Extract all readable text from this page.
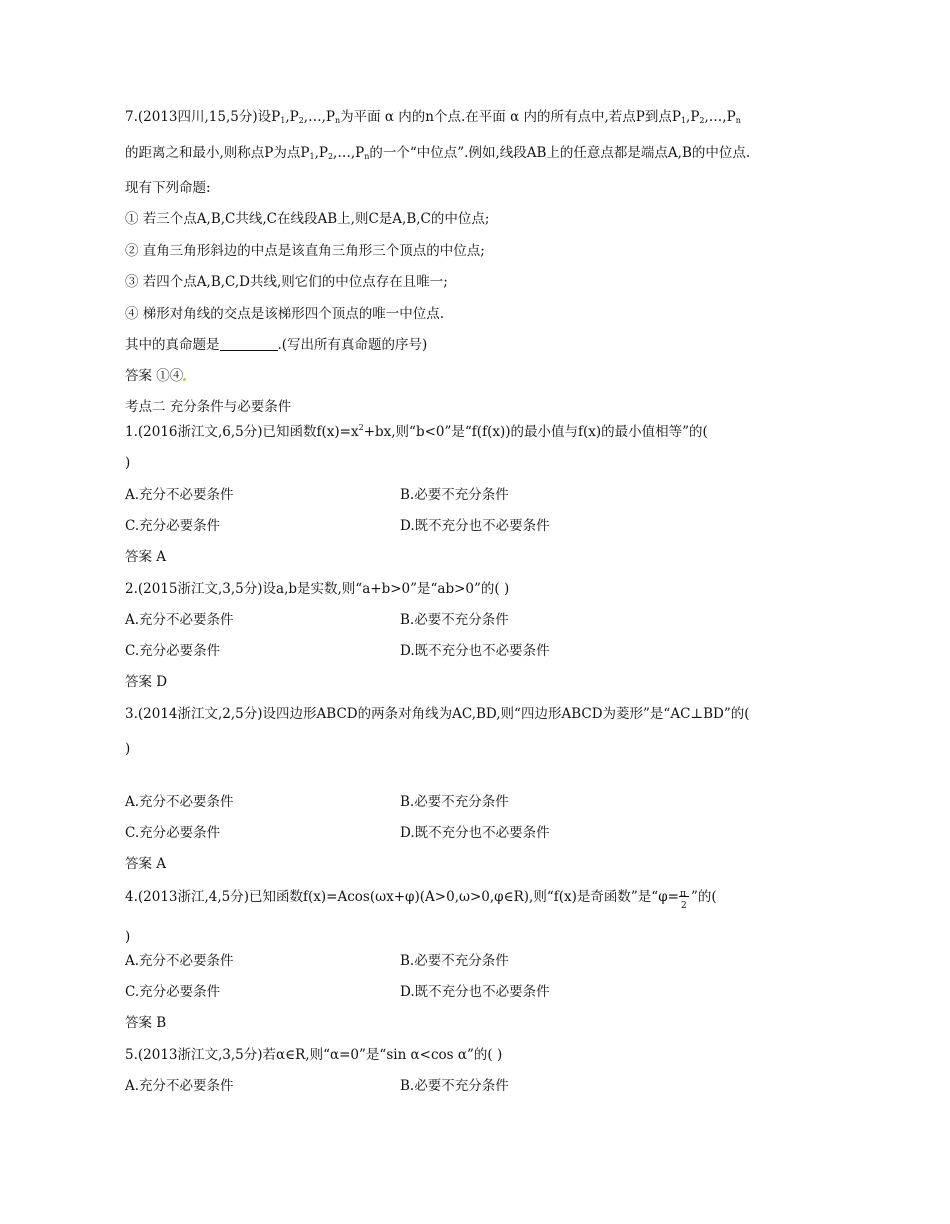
7.(2013四川,15,5分)设$P_1,P_2,\dots,P_n$为平面 α 内的n个点.在平面 α 内的所有点中,若点P到点$P_1,P_2,\dots,P_n$
的距离之和最小,则称点P为点$P_1,P_2,\dots,P_n$的一个“中位点”.例如,线段AB上的任意点都是端点A,B的中位点.
现有下列命题:
① 若三个点A,B,C共线,C在线段AB上,则C是A,B,C的中位点;
② 直角三角形斜边的中点是该直角三角形三个顶点的中位点;
③ 若四个点A,B,C,D共线,则它们的中位点存在且唯一;
④ 梯形对角线的交点是该梯形四个顶点的唯一中位点.
其中的真命题是	.(写出所有真命题的序号)
答案 ①④
考点二 充分条件与必要条件
1.(2016浙江文,6,5分)已知函数$f(x)=x^2+bx$,则“b<0”是“f(f(x))的最小值与f(x)的最小值相等”的(
)
A.充分不必要条件	B.必要不充分条件
C.充分必要条件	D.既不充分也不必要条件
答案 A
2.(2015浙江文,3,5分)设a,b是实数,则“a+b>0”是“ab>0”的( )
A.充分不必要条件	B.必要不充分条件
C.充分必要条件	D.既不充分也不必要条件
答案 D
3.(2014浙江文,2,5分)设四边形ABCD的两条对角线为AC,BD,则“四边形ABCD为菱形”是“AC⊥BD”的(
)
A.充分不必要条件	B.必要不充分条件
C.充分必要条件	D.既不充分也不必要条件
答案 A
4.(2013浙江,4,5分)已知函数f(x)=Acos(ωx+φ)(A>0,ω>0,φ∈R),则“f(x)是奇函数”是“φ= π
2
”的(
)
A.充分不必要条件	B.必要不充分条件
C.充分必要条件	D.既不充分也不必要条件
答案 B
5.(2013浙江文,3,5分)若α∈R,则“α=0”是“sin α<cos α”的( )
A.充分不必要条件	B.必要不充分条件
